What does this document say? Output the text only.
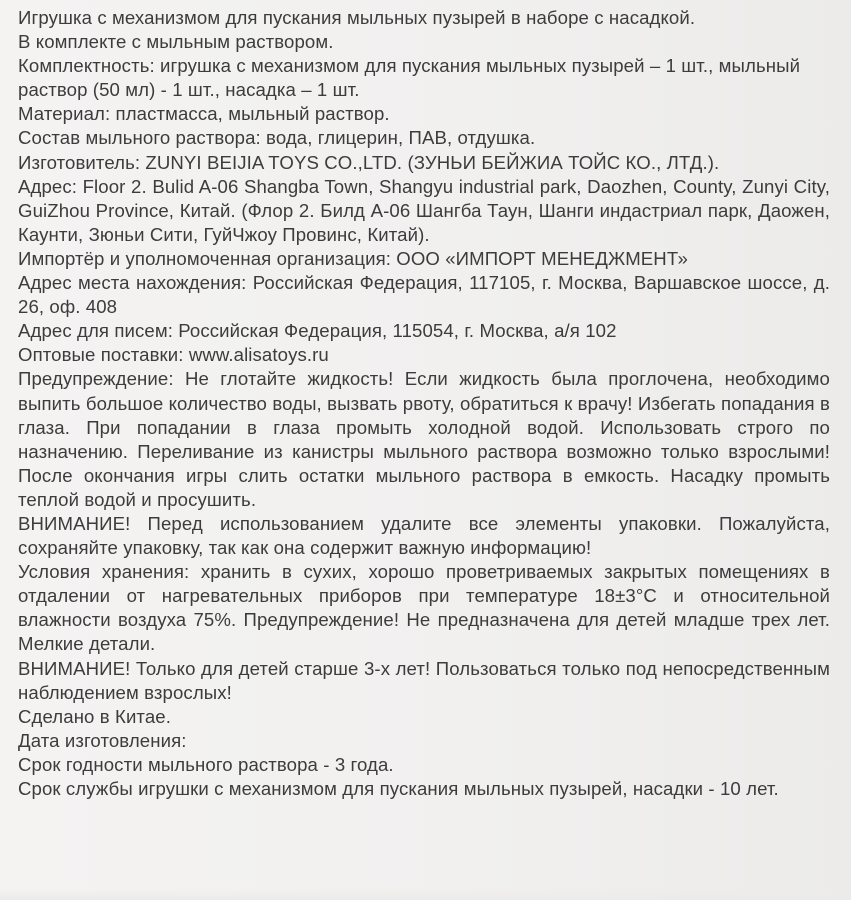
Игрушка с механизмом для пускания мыльных пузырей в наборе с насадкой.

В комплекте с мыльным раствором.

Комплектность: игрушка с механизмом для пускания мыльных пузырей – 1 шт., мыльный раствор (50 мл) - 1 шт., насадка – 1 шт.

Материал: пластмасса, мыльный раствор.

Состав мыльного раствора: вода, глицерин, ПАВ, отдушка.

Изготовитель: ZUNYI BEIJIA TOYS CO.,LTD. (ЗУНЬИ БЕЙЖИА ТОЙС КО., ЛТД.).

Адрес: Floor 2. Bulid A-06 Shangba Town, Shangyu industrial park, Daozhen, County, Zunyi City, GuiZhou Province, Китай. (Флор 2. Билд А-06 Шангба Таун, Шанги индастриал парк, Даожен, Каунти, Зюньи Сити, ГуйЧжоу Провинс, Китай).

Импортёр и уполномоченная организация: ООО «ИМПОРТ МЕНЕДЖМЕНТ»

Адрес места нахождения: Российская Федерация, 117105, г. Москва, Варшавское шоссе, д. 26, оф. 408

Адрес для писем: Российская Федерация, 115054, г. Москва, а/я 102

Оптовые поставки: www.alisatoys.ru

Предупреждение: Не глотайте жидкость! Если жидкость была проглочена, необходимо выпить большое количество воды, вызвать рвоту, обратиться к врачу! Избегать попадания в глаза. При попадании в глаза промыть холодной водой. Использовать строго по назначению. Переливание из канистры мыльного раствора возможно только взрослыми! После окончания игры слить остатки мыльного раствора в емкость. Насадку промыть теплой водой и просушить.

ВНИМАНИЕ! Перед использованием удалите все элементы упаковки. Пожалуйста, сохраняйте упаковку, так как она содержит важную информацию!

Условия хранения: хранить в сухих, хорошо проветриваемых закрытых помещениях в отдалении от нагревательных приборов при температуре 18±3°С и относительной влажности воздуха 75%. Предупреждение! Не предназначена для детей младше трех лет. Мелкие детали.

ВНИМАНИЕ! Только для детей старше 3-х лет! Пользоваться только под непосредственным наблюдением взрослых!

Сделано в Китае.

Дата изготовления:

Срок годности мыльного раствора - 3 года.

Срок службы игрушки с механизмом для пускания мыльных пузырей, насадки - 10 лет.
